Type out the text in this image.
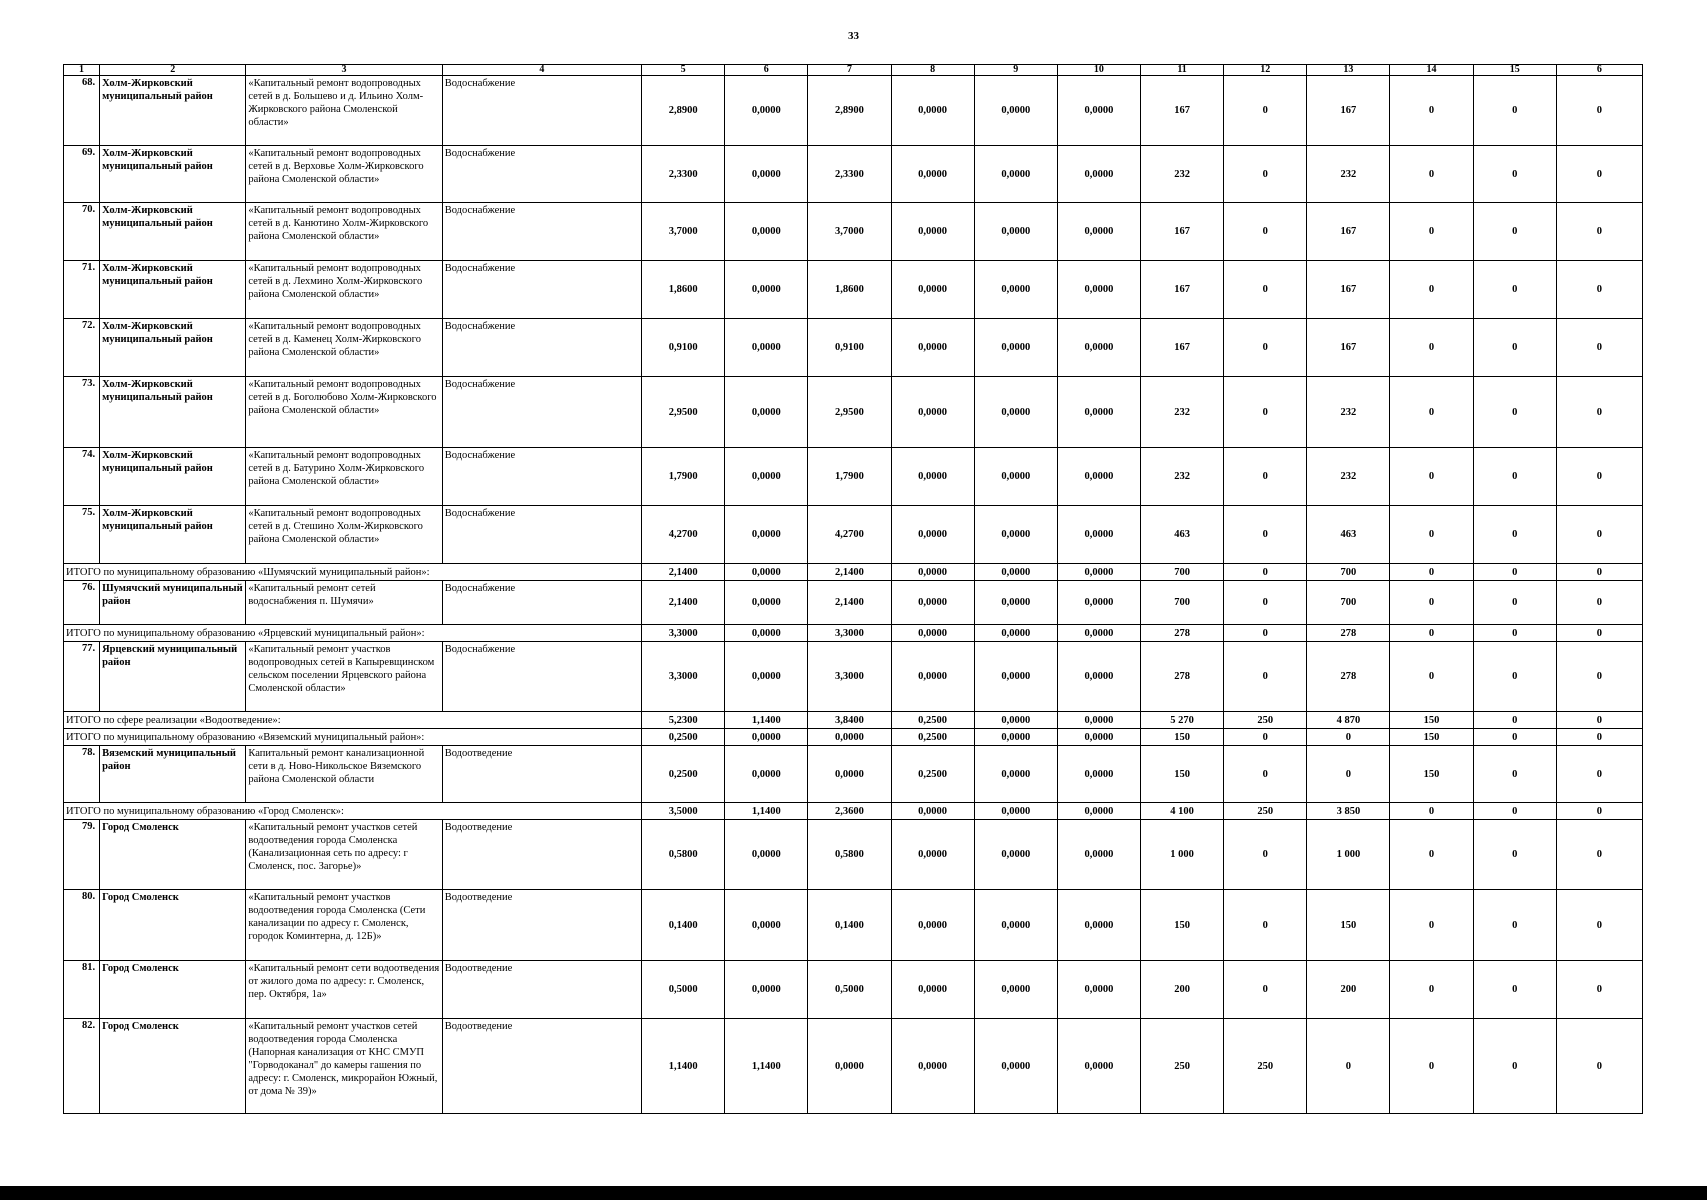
33
1	2	3	4	5	6	7	8	9	10	11	12	13	14	15	6
68.	Холм-Жирковский муниципальный район	«Капитальный ремонт водопроводных сетей в д. Большево и д. Ильино Холм-Жирковского района Смоленской области»	Водоснабжение	2,8900	0,0000	2,8900	0,0000	0,0000	0,0000	167	0	167	0	0	0
69.	Холм-Жирковский муниципальный район	«Капитальный ремонт водопроводных сетей в д. Верховье Холм-Жирковского района Смоленской области»	Водоснабжение	2,3300	0,0000	2,3300	0,0000	0,0000	0,0000	232	0	232	0	0	0
70.	Холм-Жирковский муниципальный район	«Капитальный ремонт водопроводных сетей в д. Канютино Холм-Жирковского района Смоленской области»	Водоснабжение	3,7000	0,0000	3,7000	0,0000	0,0000	0,0000	167	0	167	0	0	0
71.	Холм-Жирковский муниципальный район	«Капитальный ремонт водопроводных сетей в д. Лехмино Холм-Жирковского района Смоленской области»	Водоснабжение	1,8600	0,0000	1,8600	0,0000	0,0000	0,0000	167	0	167	0	0	0
72.	Холм-Жирковский муниципальный район	«Капитальный ремонт водопроводных сетей в д. Каменец Холм-Жирковского района Смоленской области»	Водоснабжение	0,9100	0,0000	0,9100	0,0000	0,0000	0,0000	167	0	167	0	0	0
73.	Холм-Жирковский муниципальный район	«Капитальный ремонт водопроводных сетей в д. Боголюбово Холм-Жирковского района Смоленской области»	Водоснабжение	2,9500	0,0000	2,9500	0,0000	0,0000	0,0000	232	0	232	0	0	0
74.	Холм-Жирковский муниципальный район	«Капитальный ремонт водопроводных сетей в д. Батурино Холм-Жирковского района Смоленской области»	Водоснабжение	1,7900	0,0000	1,7900	0,0000	0,0000	0,0000	232	0	232	0	0	0
75.	Холм-Жирковский муниципальный район	«Капитальный ремонт водопроводных сетей в д. Стешино Холм-Жирковского района Смоленской области»	Водоснабжение	4,2700	0,0000	4,2700	0,0000	0,0000	0,0000	463	0	463	0	0	0
ИТОГО по муниципальному образованию «Шумячский муниципальный район»:				2,1400	0,0000	2,1400	0,0000	0,0000	0,0000	700	0	700	0	0	0
76.	Шумячский муниципальный район	«Капитальный ремонт сетей водоснабжения п. Шумячи»	Водоснабжение	2,1400	0,0000	2,1400	0,0000	0,0000	0,0000	700	0	700	0	0	0
ИТОГО по муниципальному образованию «Ярцевский муниципальный район»:				3,3000	0,0000	3,3000	0,0000	0,0000	0,0000	278	0	278	0	0	0
77.	Ярцевский муниципальный район	«Капитальный ремонт участков водопроводных сетей в Капыревщинском сельском поселении Ярцевского района Смоленской области»	Водоснабжение	3,3000	0,0000	3,3000	0,0000	0,0000	0,0000	278	0	278	0	0	0
ИТОГО по сфере реализации «Водоотведение»:				5,2300	1,1400	3,8400	0,2500	0,0000	0,0000	5 270	250	4 870	150	0	0
ИТОГО по муниципальному образованию «Вяземский муниципальный район»:				0,2500	0,0000	0,0000	0,2500	0,0000	0,0000	150	0	0	150	0	0
78.	Вяземский муниципальный район	Капитальный ремонт канализационной сети в д. Ново-Никольское Вяземского района Смоленской области	Водоотведение	0,2500	0,0000	0,0000	0,2500	0,0000	0,0000	150	0	0	150	0	0
ИТОГО по муниципальному образованию «Город Смоленск»:				3,5000	1,1400	2,3600	0,0000	0,0000	0,0000	4 100	250	3 850	0	0	0
79.	Город Смоленск	«Капитальный ремонт участков сетей водоотведения города Смоленска (Канализационная сеть по адресу: г Смоленск, пос. Загорье)»	Водоотведение	0,5800	0,0000	0,5800	0,0000	0,0000	0,0000	1 000	0	1 000	0	0	0
80.	Город Смоленск	«Капитальный ремонт участков водоотведения города Смоленска (Сети канализации по адресу г. Смоленск, городок Коминтерна, д. 12Б)»	Водоотведение	0,1400	0,0000	0,1400	0,0000	0,0000	0,0000	150	0	150	0	0	0
81.	Город Смоленск	«Капитальный ремонт сети водоотведения от жилого дома по адресу: г. Смоленск, пер. Октября, 1а»	Водоотведение	0,5000	0,0000	0,5000	0,0000	0,0000	0,0000	200	0	200	0	0	0
82.	Город Смоленск	«Капитальный ремонт участков сетей водоотведения города Смоленска (Напорная канализация от КНС СМУП "Горводоканал" до камеры гашения по адресу: г. Смоленск, микрорайон Южный, от дома № 39)»	Водоотведение	1,1400	1,1400	0,0000	0,0000	0,0000	0,0000	250	250	0	0	0	0
